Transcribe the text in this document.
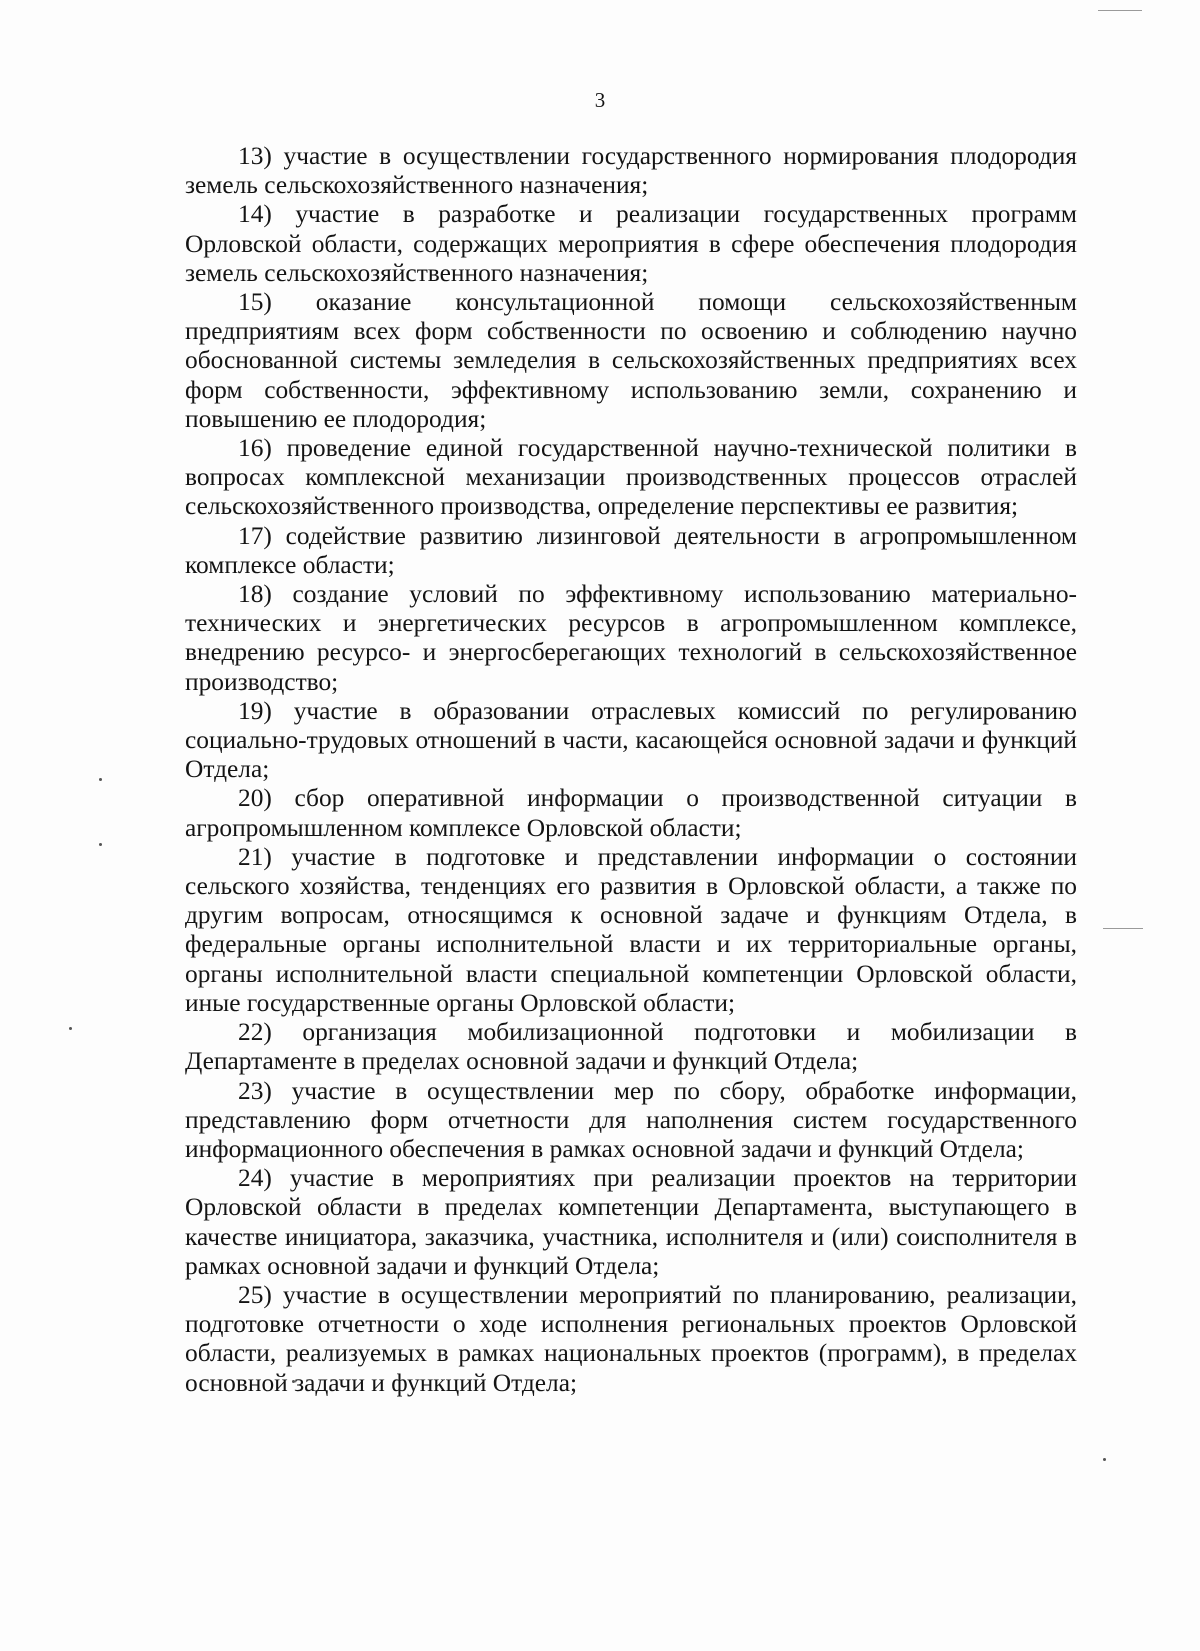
3

13) участие в осуществлении государственного нормирования плодородия земель сельскохозяйственного назначения;

14) участие в разработке и реализации государственных программ Орловской области, содержащих мероприятия в сфере обеспечения плодородия земель сельскохозяйственного назначения;

15) оказание консультационной помощи сельскохозяйственным предприятиям всех форм собственности по освоению и соблюдению научно обоснованной системы земледелия в сельскохозяйственных предприятиях всех форм собственности, эффективному использованию земли, сохранению и повышению ее плодородия;

16) проведение единой государственной научно-технической политики в вопросах комплексной механизации производственных процессов отраслей сельскохозяйственного производства, определение перспективы ее развития;

17) содействие развитию лизинговой деятельности в агропромышленном комплексе области;

18) создание условий по эффективному использованию материально-технических и энергетических ресурсов в агропромышленном комплексе, внедрению ресурсо- и энергосберегающих технологий в сельскохозяйственное производство;

19) участие в образовании отраслевых комиссий по регулированию социально-трудовых отношений в части, касающейся основной задачи и функций Отдела;

20) сбор оперативной информации о производственной ситуации в агропромышленном комплексе Орловской области;

21) участие в подготовке и представлении информации о состоянии сельского хозяйства, тенденциях его развития в Орловской области, а также по другим вопросам, относящимся к основной задаче и функциям Отдела, в федеральные органы исполнительной власти и их территориальные органы, органы исполнительной власти специальной компетенции Орловской области, иные государственные органы Орловской области;

22) организация мобилизационной подготовки и мобилизации в Департаменте в пределах основной задачи и функций Отдела;

23) участие в осуществлении мер по сбору, обработке информации, представлению форм отчетности для наполнения систем государственного информационного обеспечения в рамках основной задачи и функций Отдела;

24) участие в мероприятиях при реализации проектов на территории Орловской области в пределах компетенции Департамента, выступающего в качестве инициатора, заказчика, участника, исполнителя и (или) соисполнителя в рамках основной задачи и функций Отдела;

25) участие в осуществлении мероприятий по планированию, реализации, подготовке отчетности о ходе исполнения региональных проектов Орловской области, реализуемых в рамках национальных проектов (программ), в пределах основной задачи и функций Отдела;
